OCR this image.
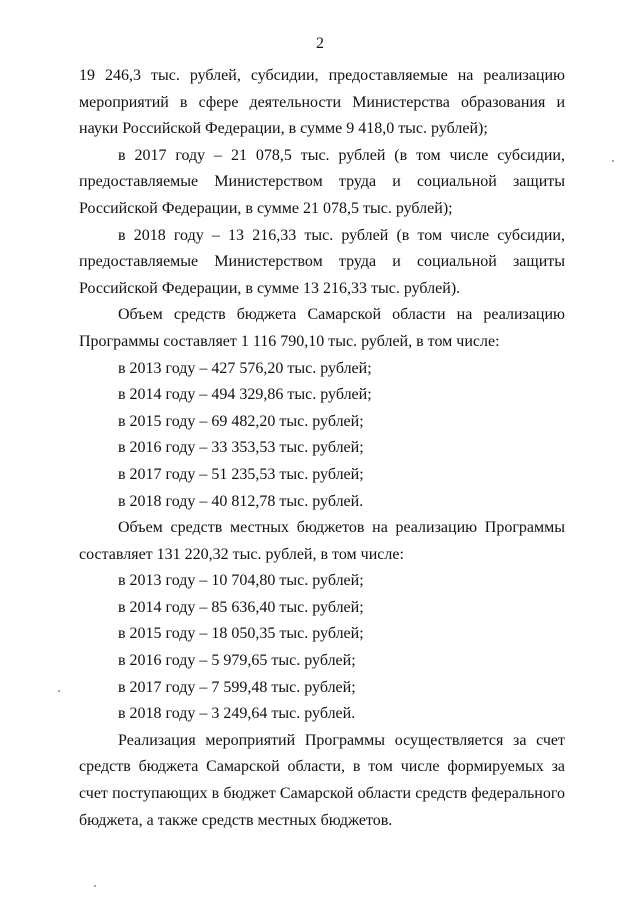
2

19 246,3 тыс. рублей, субсидии, предоставляемые на реализацию мероприятий в сфере деятельности Министерства образования и науки Российской Федерации, в сумме 9 418,0 тыс. рублей);

в 2017 году – 21 078,5 тыс. рублей (в том числе субсидии, предоставляемые Министерством труда и социальной защиты Российской Федерации, в сумме 21 078,5 тыс. рублей);

в 2018 году – 13 216,33 тыс. рублей (в том числе субсидии, предоставляемые Министерством труда и социальной защиты Российской Федерации, в сумме 13 216,33 тыс. рублей).

Объем средств бюджета Самарской области на реализацию Программы составляет 1 116 790,10 тыс. рублей, в том числе:

в 2013 году – 427 576,20 тыс. рублей;

в 2014 году – 494 329,86 тыс. рублей;

в 2015 году – 69 482,20 тыс. рублей;

в 2016 году – 33 353,53 тыс. рублей;

в 2017 году – 51 235,53 тыс. рублей;

в 2018 году – 40 812,78 тыс. рублей.

Объем средств местных бюджетов на реализацию Программы составляет 131 220,32 тыс. рублей, в том числе:

в 2013 году – 10 704,80 тыс. рублей;

в 2014 году – 85 636,40 тыс. рублей;

в 2015 году – 18 050,35 тыс. рублей;

в 2016 году – 5 979,65 тыс. рублей;

в 2017 году – 7 599,48 тыс. рублей;

в 2018 году – 3 249,64 тыс. рублей.

Реализация мероприятий Программы осуществляется за счет средств бюджета Самарской области, в том числе формируемых за счет поступающих в бюджет Самарской области средств федерального бюджета, а также средств местных бюджетов.
